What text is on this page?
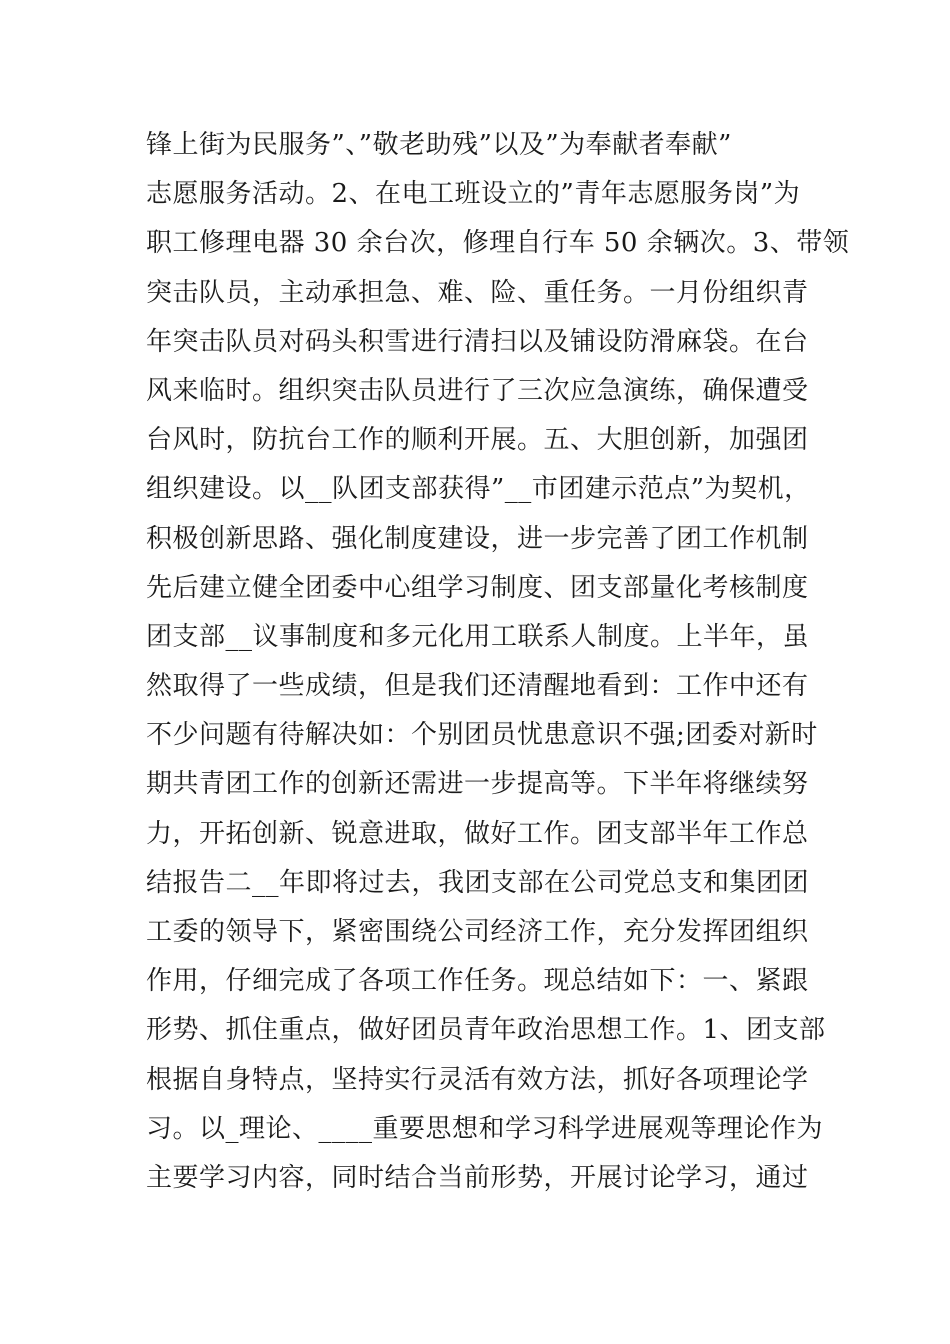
锋上街为民服务”、”敬老助残”以及”为奉献者奉献”
志愿服务活动。2、在电工班设立的”青年志愿服务岗”为
职工修理电器 30 余台次，修理自行车 50 余辆次。3、带领
突击队员，主动承担急、难、险、重任务。一月份组织青
年突击队员对码头积雪进行清扫以及铺设防滑麻袋。在台
风来临时。组织突击队员进行了三次应急演练，确保遭受
台风时，防抗台工作的顺利开展。五、大胆创新，加强团
组织建设。以__队团支部获得”__市团建示范点”为契机，
积极创新思路、强化制度建设，进一步完善了团工作机制
先后建立健全团委中心组学习制度、团支部量化考核制度
团支部__议事制度和多元化用工联系人制度。上半年，虽
然取得了一些成绩，但是我们还清醒地看到：工作中还有
不少问题有待解决如：个别团员忧患意识不强;团委对新时
期共青团工作的创新还需进一步提高等。下半年将继续努
力，开拓创新、锐意进取，做好工作。团支部半年工作总
结报告二__年即将过去，我团支部在公司党总支和集团团
工委的领导下，紧密围绕公司经济工作，充分发挥团组织
作用，仔细完成了各项工作任务。现总结如下：一、紧跟
形势、抓住重点，做好团员青年政治思想工作。1、团支部
根据自身特点，坚持实行灵活有效方法，抓好各项理论学
习。以_理论、____重要思想和学习科学进展观等理论作为
主要学习内容，同时结合当前形势，开展讨论学习，通过
